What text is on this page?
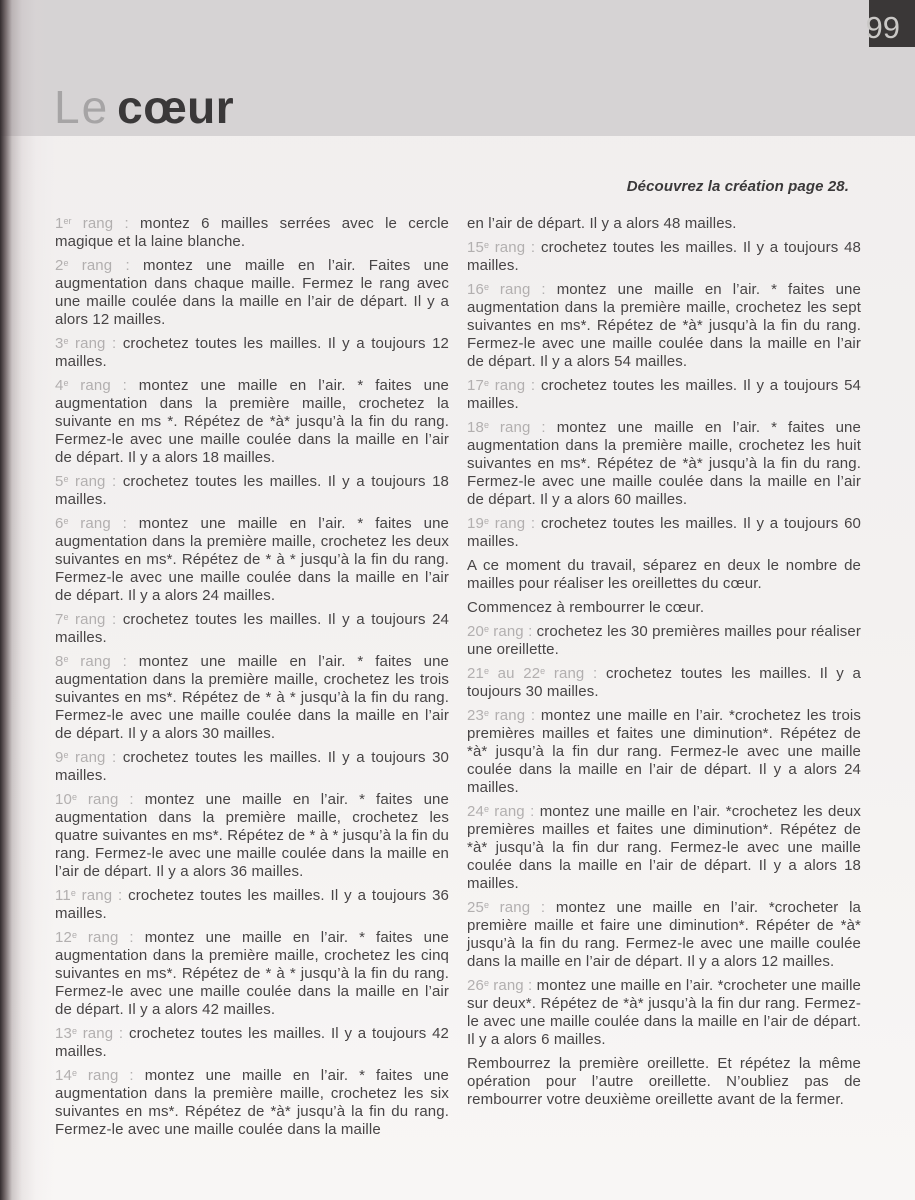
Le cœur
99
Découvrez la création page 28.

1er rang : montez 6 mailles serrées avec le cercle magique et la laine blanche.

2e rang : montez une maille en l’air. Faites une augmentation dans chaque maille. Fermez le rang avec une maille coulée dans la maille en l’air de départ. Il y a alors 12 mailles.

3e rang : crochetez toutes les mailles. Il y a toujours 12 mailles.

4e rang : montez une maille en l’air. * faites une augmentation dans la première maille, crochetez la suivante en ms *. Répétez de *à* jusqu’à la fin du rang. Fermez-le avec une maille coulée dans la maille en l’air de départ. Il y a alors 18 mailles.

5e rang : crochetez toutes les mailles. Il y a toujours 18 mailles.

6e rang : montez une maille en l’air. * faites une augmentation dans la première maille, crochetez les deux suivantes en ms*. Répétez de * à * jusqu’à la fin du rang. Fermez-le avec une maille coulée dans la maille en l’air de départ. Il y a alors 24 mailles.

7e rang : crochetez toutes les mailles. Il y a toujours 24 mailles.

8e rang : montez une maille en l’air. * faites une augmentation dans la première maille, crochetez les trois suivantes en ms*. Répétez de * à * jusqu’à la fin du rang. Fermez-le avec une maille coulée dans la maille en l’air de départ. Il y a alors 30 mailles.

9e rang : crochetez toutes les mailles. Il y a toujours 30 mailles.

10e rang : montez une maille en l’air. * faites une augmentation dans la première maille, crochetez les quatre suivantes en ms*. Répétez de * à * jusqu’à la fin du rang. Fermez-le avec une maille coulée dans la maille en l’air de départ. Il y a alors 36 mailles.

11e rang : crochetez toutes les mailles. Il y a toujours 36 mailles.

12e rang : montez une maille en l’air. * faites une augmentation dans la première maille, crochetez les cinq suivantes en ms*. Répétez de * à * jusqu’à la fin du rang. Fermez-le avec une maille coulée dans la maille en l’air de départ. Il y a alors 42 mailles.

13e rang : crochetez toutes les mailles. Il y a toujours 42 mailles.

14e rang : montez une maille en l’air. * faites une augmentation dans la première maille, crochetez les six suivantes en ms*. Répétez de *à* jusqu’à la fin du rang. Fermez-le avec une maille coulée dans la maille

en l’air de départ. Il y a alors 48 mailles.

15e rang : crochetez toutes les mailles. Il y a toujours 48 mailles.

16e rang : montez une maille en l’air. * faites une augmentation dans la première maille, crochetez les sept suivantes en ms*. Répétez de *à* jusqu’à la fin du rang. Fermez-le avec une maille coulée dans la maille en l’air de départ. Il y a alors 54 mailles.

17e rang : crochetez toutes les mailles. Il y a toujours 54 mailles.

18e rang : montez une maille en l’air. * faites une augmentation dans la première maille, crochetez les huit suivantes en ms*. Répétez de *à* jusqu’à la fin du rang. Fermez-le avec une maille coulée dans la maille en l’air de départ. Il y a alors 60 mailles.

19e rang : crochetez toutes les mailles. Il y a toujours 60 mailles.

A ce moment du travail, séparez en deux le nombre de mailles pour réaliser les oreillettes du cœur.

Commencez à rembourrer le cœur.

20e rang : crochetez les 30 premières mailles pour réaliser une oreillette.

21e au 22e rang : crochetez toutes les mailles. Il y a toujours 30 mailles.

23e rang : montez une maille en l’air. *crochetez les trois premières mailles et faites une diminution*. Répétez de *à* jusqu’à la fin dur rang. Fermez-le avec une maille coulée dans la maille en l’air de départ. Il y a alors 24 mailles.

24e rang : montez une maille en l’air. *crochetez les deux premières mailles et faites une diminution*. Répétez de *à* jusqu’à la fin dur rang. Fermez-le avec une maille coulée dans la maille en l’air de départ. Il y a alors 18 mailles.

25e rang : montez une maille en l’air. *crocheter la première maille et faire une diminution*. Répéter de *à* jusqu’à la fin du rang. Fermez-le avec une maille coulée dans la maille en l’air de départ. Il y a alors 12 mailles.

26e rang : montez une maille en l’air. *crocheter une maille sur deux*. Répétez de *à* jusqu’à la fin dur rang. Fermez-le avec une maille coulée dans la maille en l’air de départ. Il y a alors 6 mailles.

Rembourrez la première oreillette. Et répétez la même opération pour l’autre oreillette. N’oubliez pas de rembourrer votre deuxième oreillette avant de la fermer.
